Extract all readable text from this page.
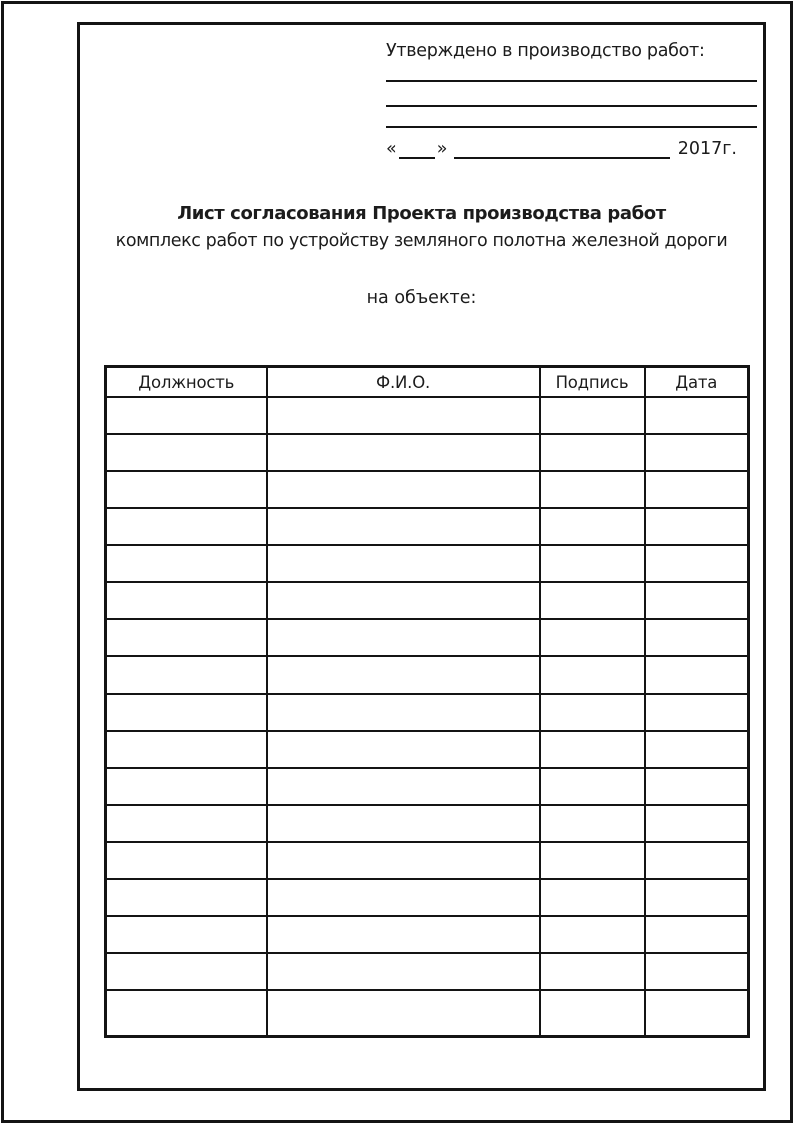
Утверждено в производство работ:
« »	2017г.
Лист согласования Проекта производства работ
комплекс работ по устройству земляного полотна железной дороги
на объекте:
Должность	Ф.И.О.	Подпись	Дата
